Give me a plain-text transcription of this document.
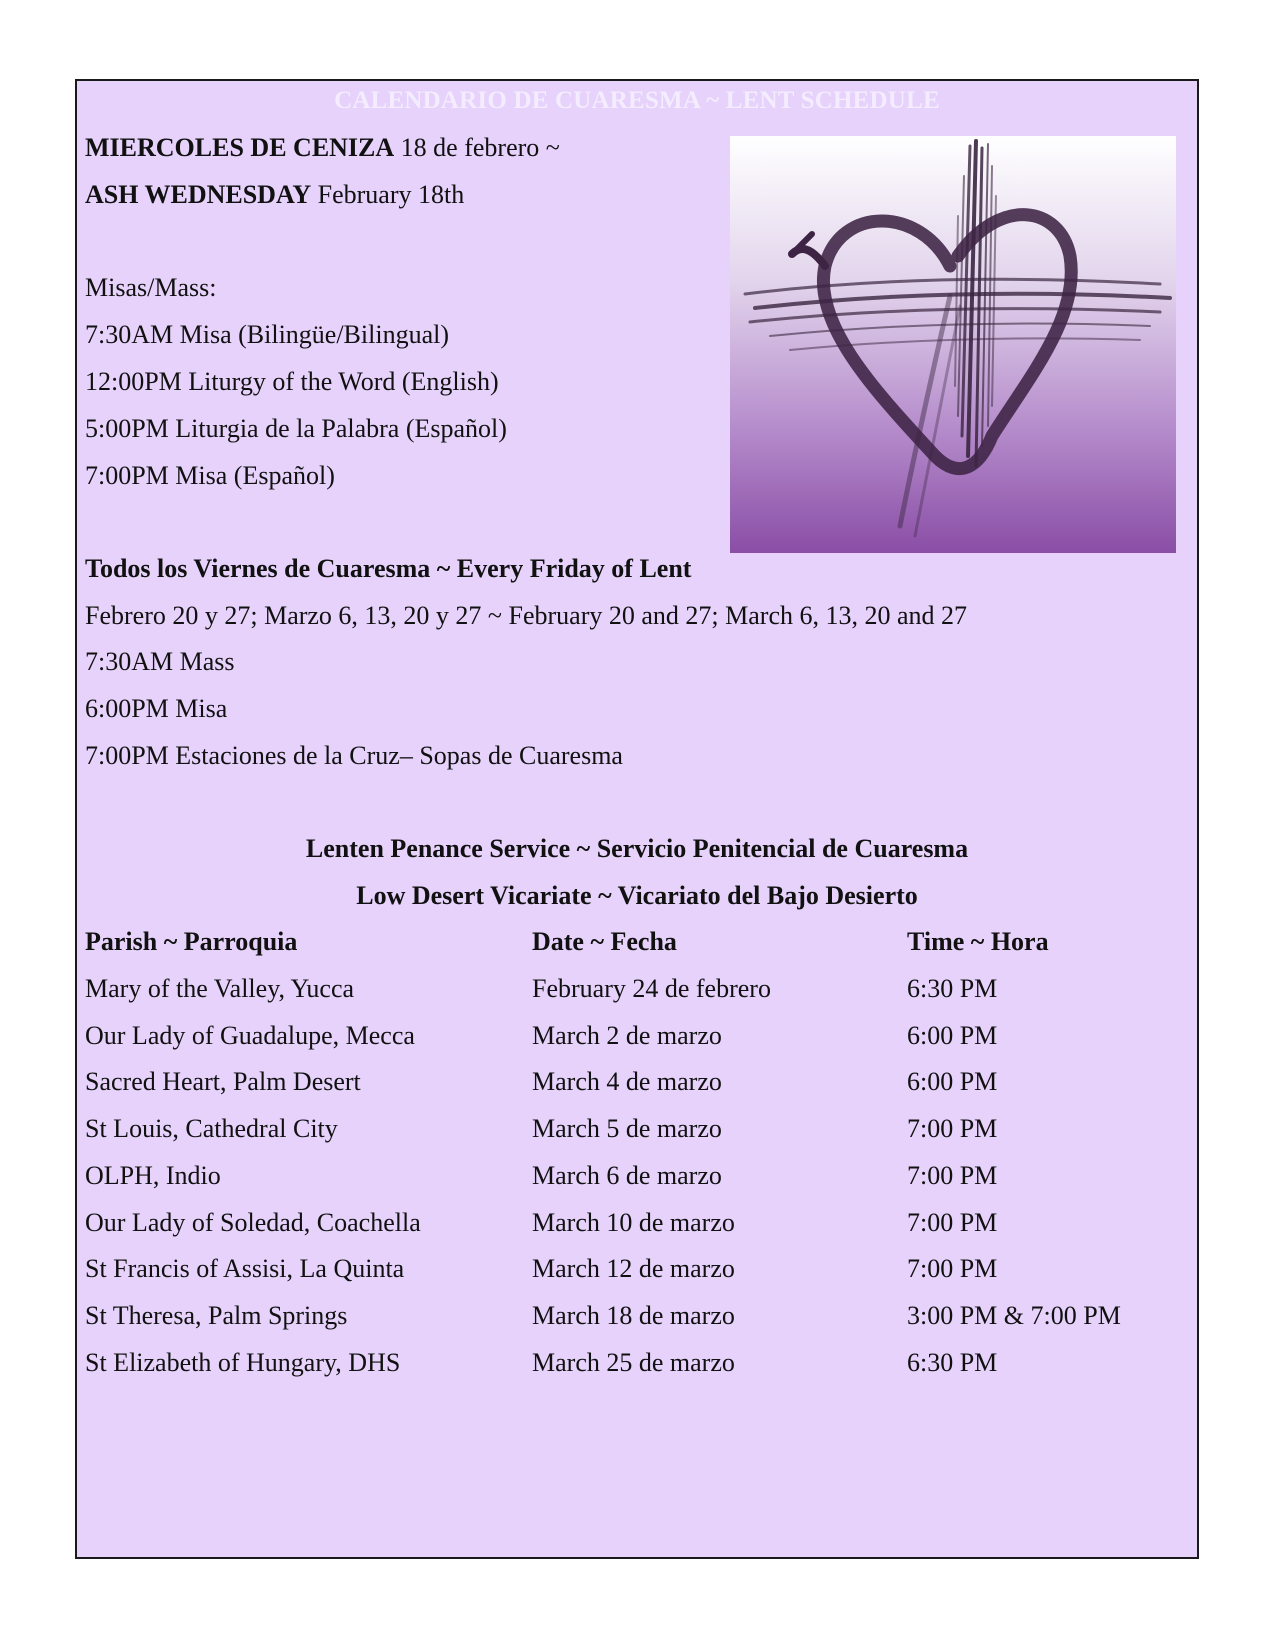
CALENDARIO DE CUARESMA ~ LENT SCHEDULE
MIERCOLES DE CENIZA 18 de febrero ~
ASH WEDNESDAY February 18th
Misas/Mass:
7:30AM Misa (Bilingüe/Bilingual)
12:00PM Liturgy of the Word (English)
5:00PM Liturgia de la Palabra (Español)
7:00PM Misa (Español)
Todos los Viernes de Cuaresma ~ Every Friday of Lent
Febrero 20 y 27; Marzo 6, 13, 20 y 27 ~ February 20 and 27; March 6, 13, 20 and 27
7:30AM Mass
6:00PM Misa
7:00PM Estaciones de la Cruz– Sopas de Cuaresma
Lenten Penance Service ~ Servicio Penitencial de Cuaresma
Low Desert Vicariate ~ Vicariato del Bajo Desierto
Parish ~ Parroquia	Date ~ Fecha	Time ~ Hora
Mary of the Valley, Yucca	February 24 de febrero	6:30 PM
Our Lady of Guadalupe, Mecca	March 2 de marzo	6:00 PM
Sacred Heart, Palm Desert	March 4 de marzo	6:00 PM
St Louis, Cathedral City	March 5 de marzo	7:00 PM
OLPH, Indio	March 6 de marzo	7:00 PM
Our Lady of Soledad, Coachella	March 10 de marzo	7:00 PM
St Francis of Assisi, La Quinta	March 12 de marzo	7:00 PM
St Theresa, Palm Springs	March 18 de marzo	3:00 PM & 7:00 PM
St Elizabeth of Hungary, DHS	March 25 de marzo	6:30 PM
